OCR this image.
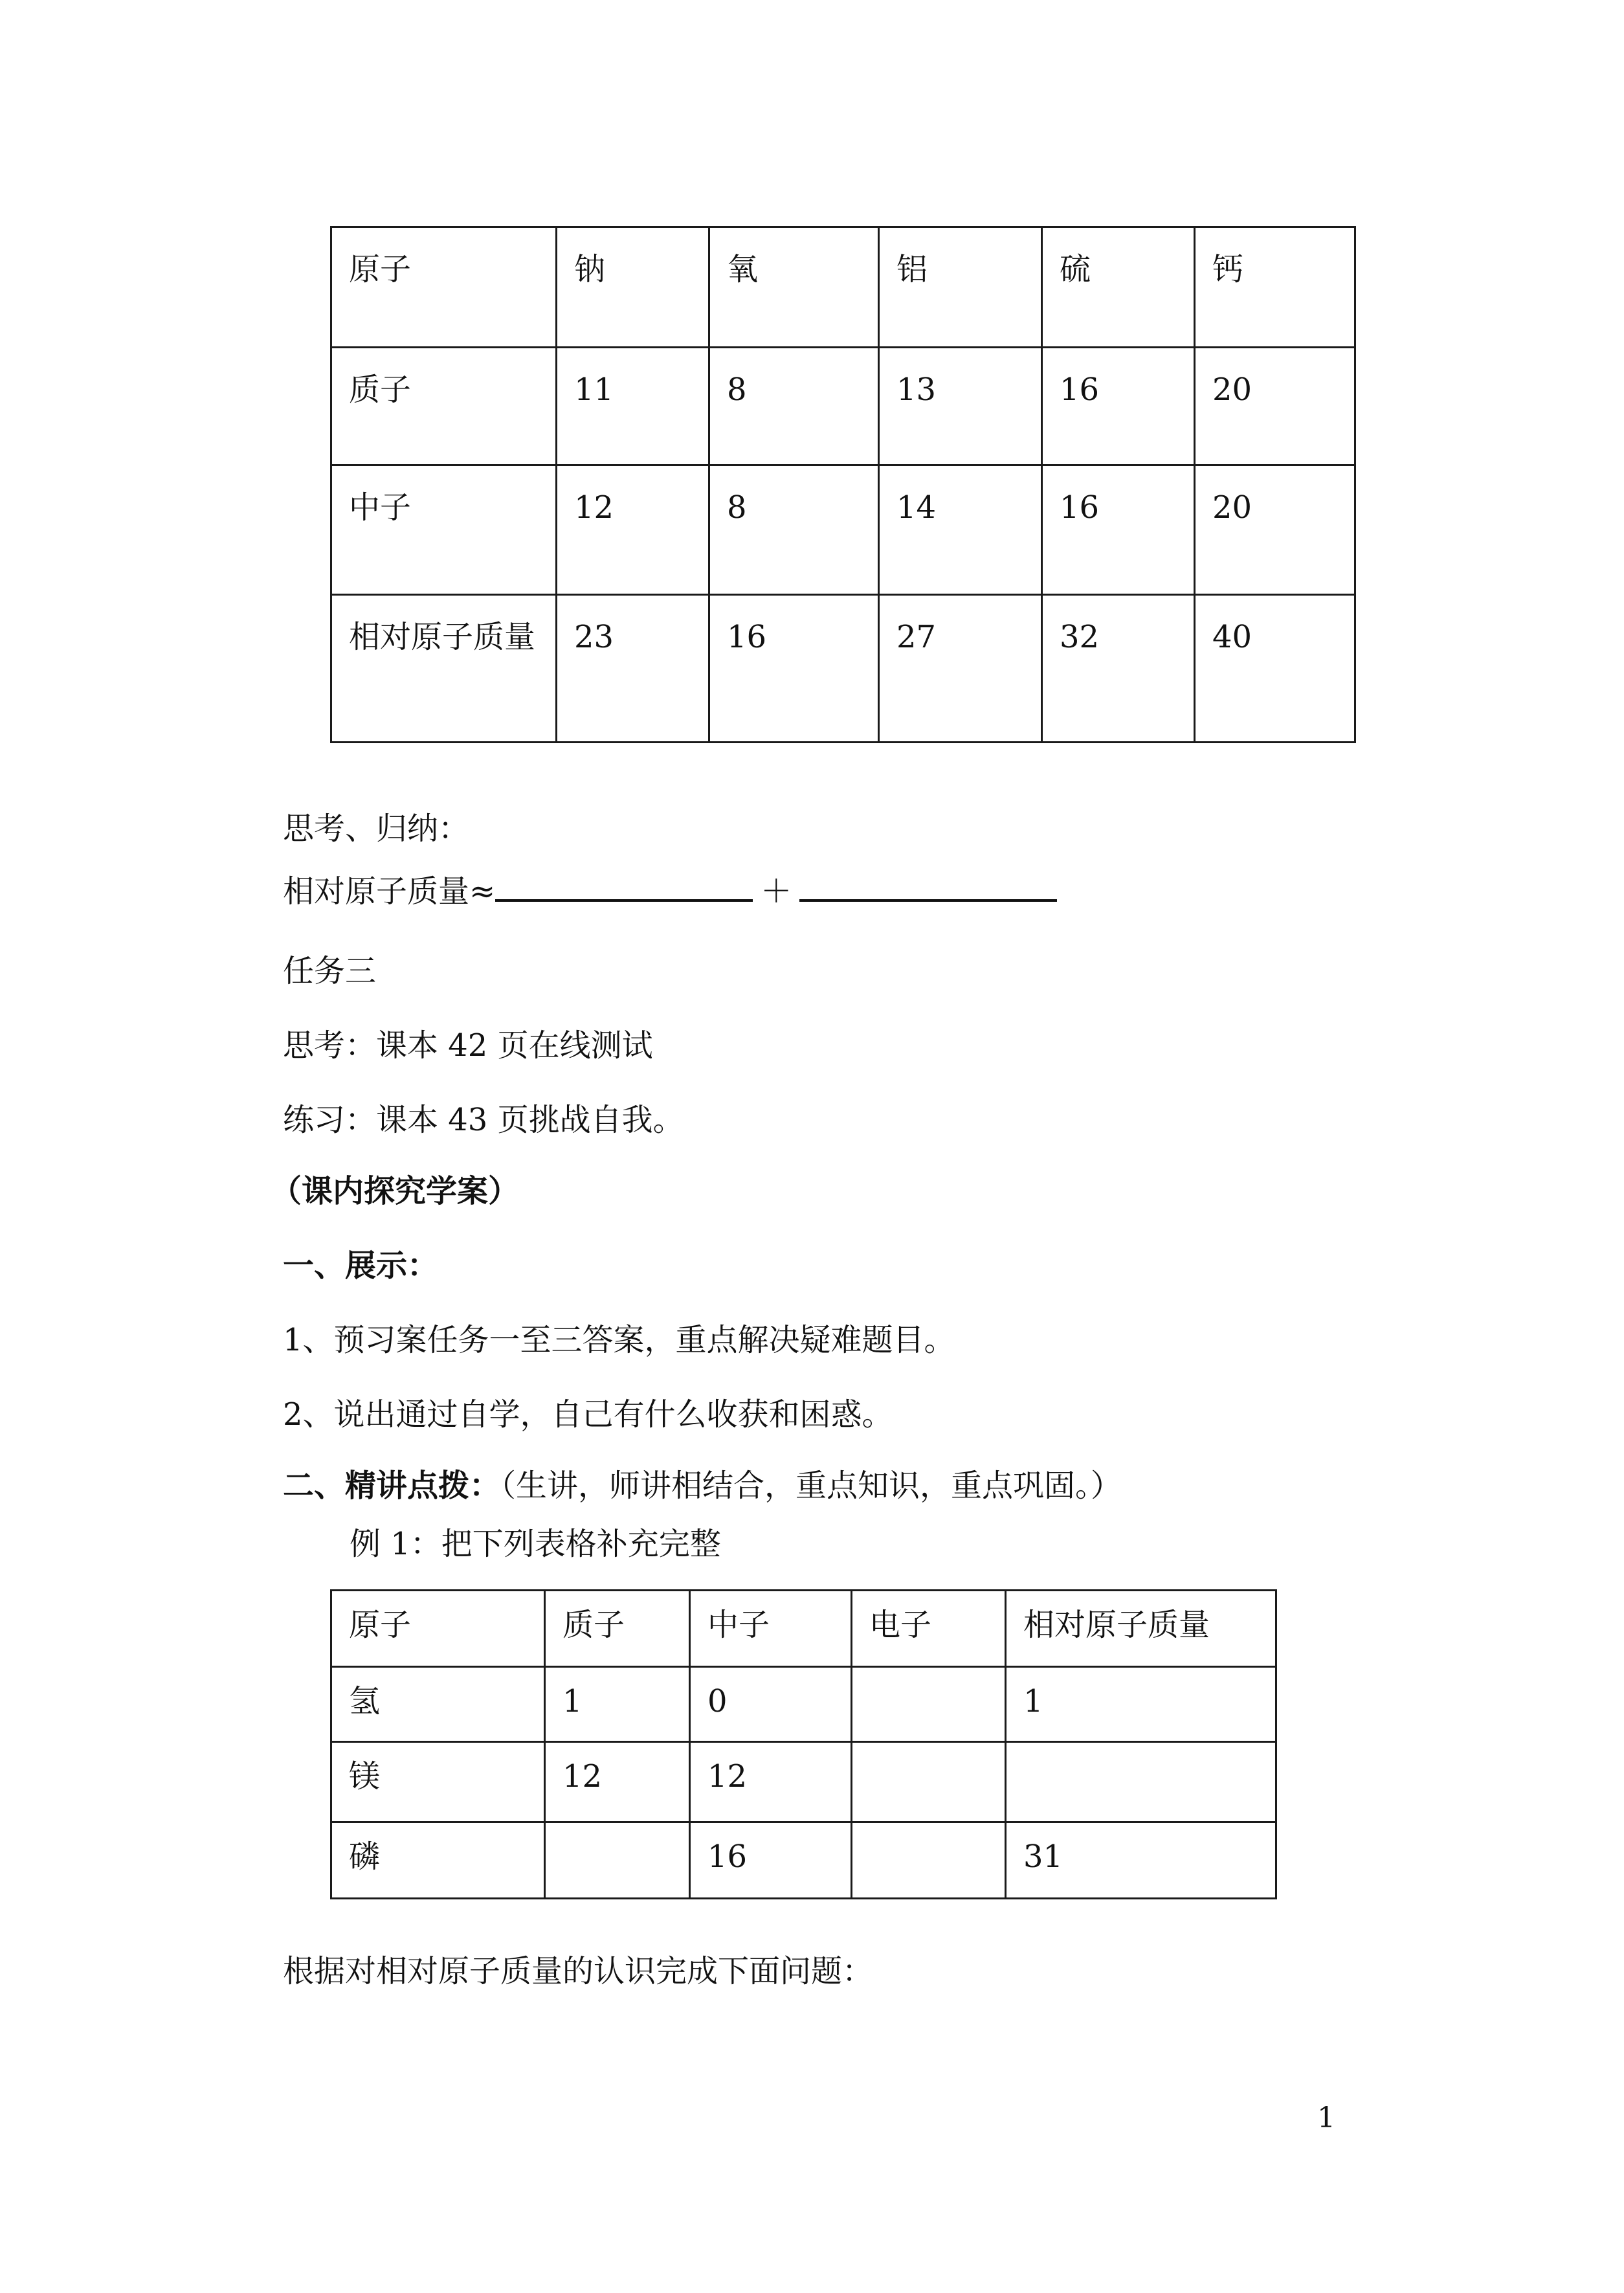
原子	钠	氧	铝	硫	钙
质子	11	8	13	16	20
中子	12	8	14	16	20
相对原子质量	23	16	27	32	40
思考、归纳：
相对原子质量≈	＋
任务三
思考：课本 42 页在线测试
练习：课本 43 页挑战自我。
（课内探究学案）
一、展示：
1、预习案任务一至三答案，重点解决疑难题目。
2、说出通过自学，自己有什么收获和困惑。
二、精讲点拨：（生讲，师讲相结合，重点知识，重点巩固。）
例 1：把下列表格补充完整
原子	质子	中子	电子	相对原子质量
氢	1	0		1
镁	12	12		
磷		16		31
根据对相对原子质量的认识完成下面问题：
1
